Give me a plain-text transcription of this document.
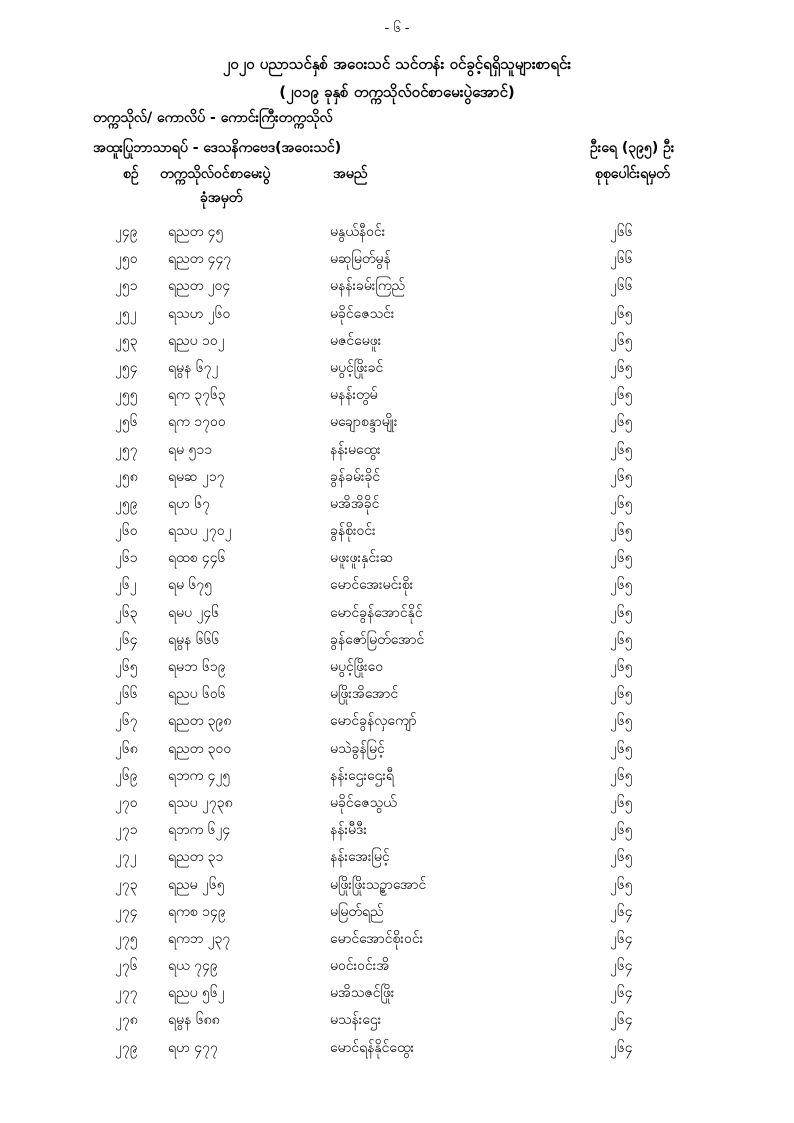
- ၆ -
၂၀၂၀ ပညာသင်နှစ် အဝေးသင် သင်တန်း ဝင်ခွင့်ရရှိသူများစာရင်း
(၂၀၁၉ ခုနှစ် တက္ကသိုလ်ဝင်စာမေးပွဲအောင်)
တက္ကသိုလ်/ ကောလိပ် - ကောင်းကြီးတက္ကသိုလ်
အထူးပြုဘာသာရပ် - ဒေသနိကဗေဒ(အဝေးသင်)	ဦးရေ (၃၉၅) ဦး
စဉ် တက္ကသိုလ်ဝင်စာမေးပွဲ
ခုံအမှတ်
အမည်	စုစုပေါင်းရမှတ်
၂၄၉ ရညတ ၄၅	မနွယ်နီဝင်း	၂၆၆
၂၅၀ ရညတ ၄၄၇	မဆုမြတ်မွန်	၂၆၆
၂၅၁ ရညတ ၂၀၄	မနန်းခမ်းကြည်	၂၆၆
၂၅၂ ရသဟ ၂၆၀	မခိုင်ဇေသင်း	၂၆၅
၂၅၃ ရညပ ၁၀၂	မဇင်မေဖူး	၂၆၅
၂၅၄ ရမွန ၆၇၂	မပွင့်ဖြိုးခင်	၂၆၅
၂၅၅ ရက ၃၇၆၃	မနန်းတွမ်	၂၆၅
၂၅၆ ရက ၁၇၀၀	မချောစန္ဒာမျိုး	၂၆၅
၂၅၇ ရမ ၅၁၁	နန်းမထွေး	၂၆၅
၂၅၈ ရမဆ ၂၁၇	ခွန်ခမ်းခိုင်	၂၆၅
၂၅၉ ရဟ ၆၇	မအိအိခိုင်	၂၆၅
၂၆၀ ရသပ ၂၇၀၂	ခွန်စိုးဝင်း	၂၆၅
၂၆၁ ရထစ ၄၄၆	မဖူးဖူးနှင်းဆ	၂၆၅
၂၆၂ ရမ ၆၇၅	မောင်အေးမင်းစိုး	၂၆၅
၂၆၃ ရမပ ၂၄၆	မောင်ခွန်အောင်နိုင်	၂၆၅
၂၆၄ ရမွန ၆၆၆	ခွန်ဇော်မြတ်အောင်	၂၆၅
၂၆၅ ရမဘ ၆၁၉	မပွင့်ဖြိုးဝေ	၂၆၅
၂၆၆ ရညပ ၆၀၆	မဖြိုးအိအောင်	၂၆၅
၂၆၇ ရညတ ၃၉၈	မောင်ခွန်လှကျော်	၂၆၅
၂၆၈ ရညတ ၃၀၀	မသဲခွန်မြင့်	၂၆၅
၂၆၉ ရဘက ၄၂၅	နန်းဌေးဌေးရီ	၂၆၅
၂၇၀ ရသပ ၂၇၃၈	မခိုင်ဇေသွယ်	၂၆၅
၂၇၁ ရဘက ၆၂၄	နန်းမီဒီး	၂၆၅
၂၇၂ ရညတ ၃၁	နန်းအေးမြင့်	၂၆၅
၂၇၃ ရညမ ၂၆၅	မဖြိုးဖြိုးသဉ္စာအောင်	၂၆၅
၂၇၄ ရကစ ၁၄၉	မမြတ်ရည်	၂၆၄
၂၇၅ ရကဘ ၂၃၇	မောင်အောင်စိုးဝင်း	၂၆၄
၂၇၆ ရယ ၇၄၉	မဝင်းဝင်းအိ	၂၆၄
၂၇၇ ရညပ ၅၆၂	မအိသဇင်ဖြိုး	၂၆၄
၂၇၈ ရမွန ၆၈၈	မသန်းဌေး	၂၆၄
၂၇၉ ရဟ ၄၇၇	မောင်ရန်နိုင်ထွေး	၂၆၄
